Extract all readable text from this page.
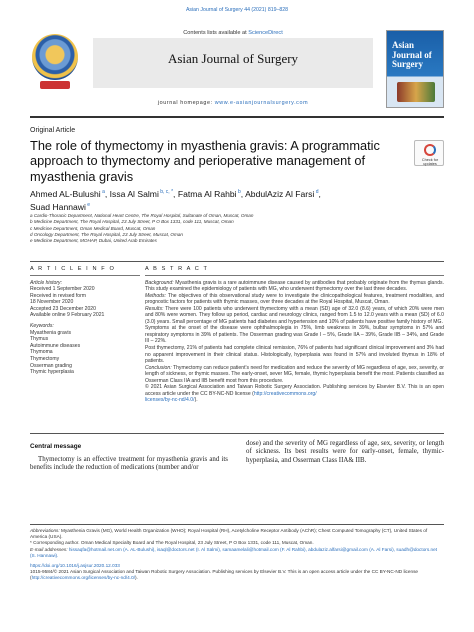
Asian Journal of Surgery 44 (2021) 819–828
Contents lists available at ScienceDirect
Asian Journal of Surgery
journal homepage: www.e-asianjournalsurgery.com
Asian Journal of Surgery
Original Article
The role of thymectomy in myasthenia gravis: A programmatic approach to thymectomy and perioperative management of myasthenia gravis
Check for updates
Ahmed AL-Bulushi $^a$, Issa Al Salmi $^{b, c, *}$, Fatma Al Rahbi $^b$, AbdulAziz Al Farsi $^d$,
Suad Hannawi $^e$
a Cardio-Thoracic Department, National Heart Centre, The Royal Hospital, Sultanate of Oman, Muscat, Oman
b Medicine Department, The Royal Hospital, 23 July Street, P O Box 1331, code 111, Muscat, Oman
c Medicine Department, Oman Medical Board, Muscat, Oman
d Oncology Department, The Royal Hospital, 23 July Street, Muscat, Oman
e Medicine Department, MOHAP, Dubai, United Arab Emirates
A R T I C L E I N F O
Article history:
Received 1 September 2020
Received in revised form
18 November 2020
Accepted 23 December 2020
Available online 9 February 2021
Keywords:
Myasthenia gravis
Thymus
Autoimmune diseases
Thymoma
Thymectomy
Osserman grading
Thymic hyperplasia
A B S T R A C T
Background: Myasthenia gravis is a rare autoimmune disease caused by antibodies that probably originate from the thymus glands. This study examined the epidemiology of patients with MG, who underwent thymectomy over the last three decades.
Methods: The objectives of this observational study were to investigate the clinicopathological features, treatment modalities, and prognostic factors for patients with thymic masses, over three decades at the Royal Hospital, Muscat, Oman.
Results: There were 100 patients who underwent thymectomy with a mean (SD) age of 32.0 (8.6) years, of which 20% were men and 80% were women. They follow up period, cardiac and neurology clinics, ranged from 1.5 to 12.0 years with a mean (SD) of 6.0 (3.0) years. Small percentage of MG patients had diabetes and hypertension and 10% of patients have positive family history of MG.
Symptoms at the onset of the disease were ophthalmoplegia in 75%, limb weakness in 39%, bulbar symptoms in 57% and respiratory symptoms in 39% of patients. The Osserman grading was Grade I – 5%, Grade IIA – 39%, Grade IIB – 34%, and Grade III – 22%.
Post thymectomy, 21% of patients had complete clinical remission, 76% of patients had significant clinical improvement and 3% had no apparent improvement in their clinical status. Histologically, hyperplasia was found in 57% and involuted thymus in 18% of patients.
Conclusion: Thymectomy can reduce patient's need for medication and reduce the severity of MG regardless of age, sex, severity, or length of sickness, or thymic masses. The early-onset, sever MG, female, thymic hyperplasia benefit the most. Patients classified as Osserman Class IIA and IIB benefit most from this procedure.
© 2021 Asian Surgical Association and Taiwan Robotic Surgery Association. Publishing services by Elsevier B.V. This is an open access article under the CC BY-NC-ND license (http://creativecommons.org/
licenses/by-nc-nd/4.0/).
Central message
Thymectomy is an effective treatment for myasthenia gravis and its benefits include the reduction of medications (number and/or
dose) and the severity of MG regardless of age, sex, severity, or length of sickness. Its best results were for early-onset, female, thymic-hyperplasia, and Osserman Class IIA& IIB.
Abbreviations: Myasthenia Gravis (MG), World Health Organization (WHO); Royal Hospital (RH), Acetylcholine Receptor Antibody (AChR); Chest Computed Tomography (CT), United States of America (USA).
* Corresponding author. Oman Medical Specialty Board and The Royal Hospital, 23 July Street, P O Box 1331, code 111, Muscat, Oman.
E-mail addresses: hissaqfa@hotmail.net.om (A. AL-Bulushi), isaql@doctors.net (I. Al Salmi), samaamelali@hotmail.com (F. Al Rahbi), abdulaziz.alfarsi@gmail.com (A. Al Farsi), suadh@doctors.net (S. Hannawi).
https://doi.org/10.1016/j.asjsur.2020.12.033
1015-9584/© 2021 Asian Surgical Association and Taiwan Robotic Surgery Association. Publishing services by Elsevier B.V. This is an open access article under the CC BY-NC-ND license (http://creativecommons.org/licenses/by-nc-nd/4.0/).
